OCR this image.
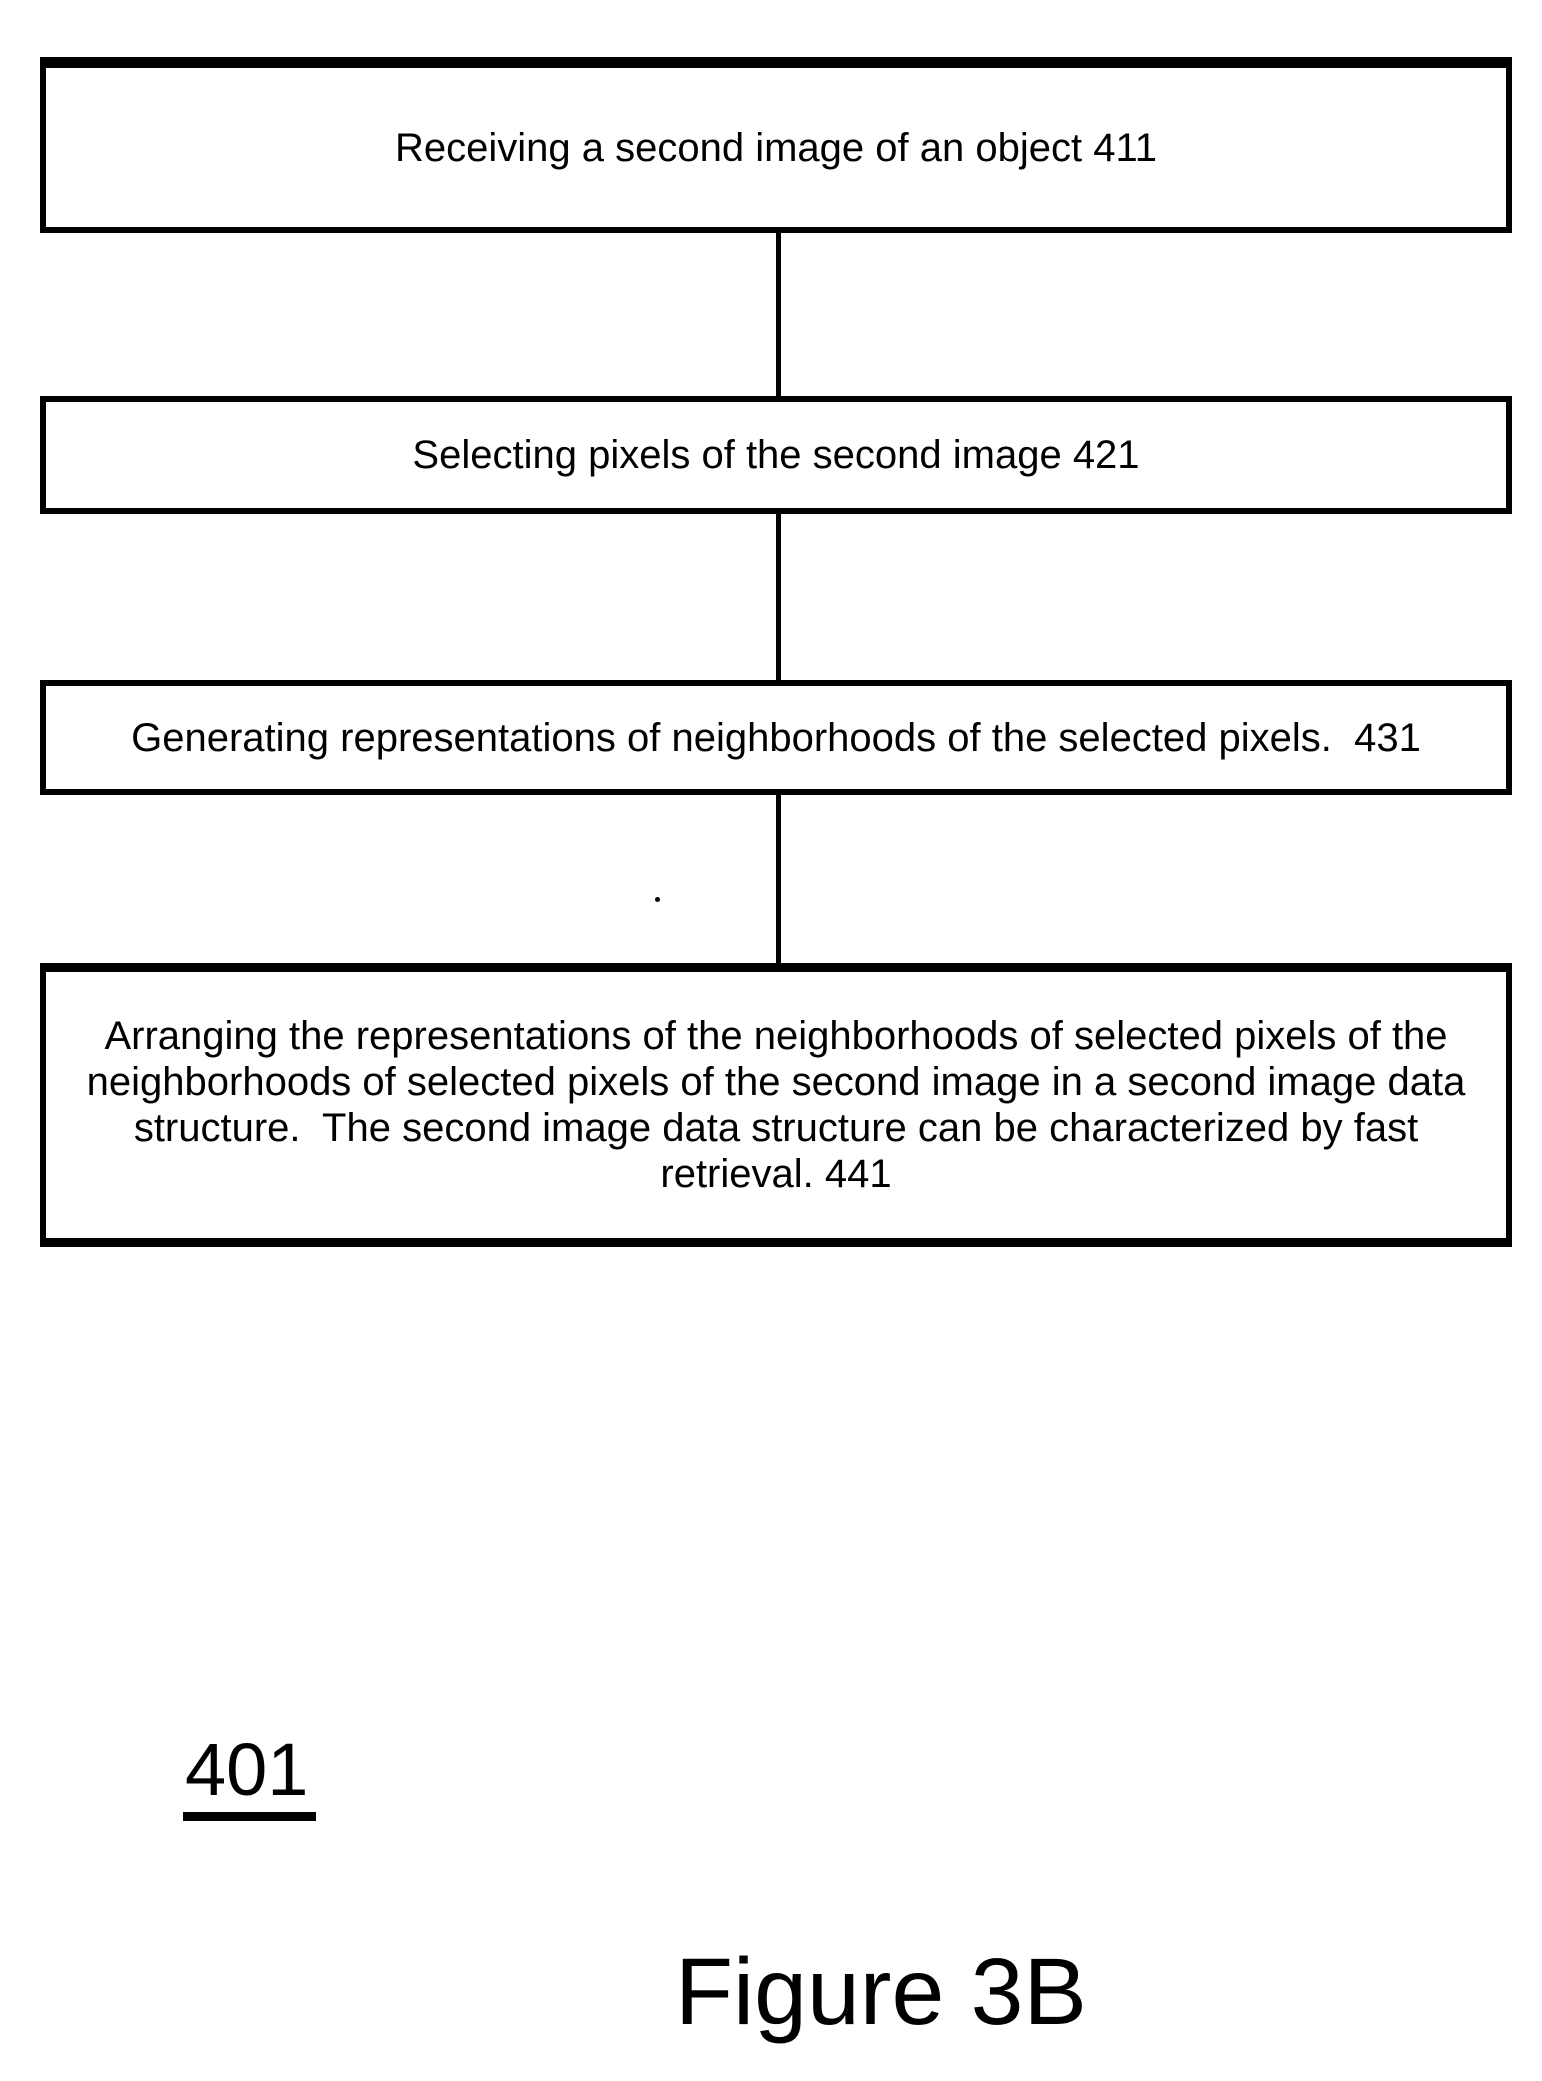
Receiving a second image of an object 411
Selecting pixels of the second image 421
Generating representations of neighborhoods of the selected pixels.  431
Arranging the representations of the neighborhoods of selected pixels of the neighborhoods of selected pixels of the second image in a second image data structure.  The second image data structure can be characterized by fast retrieval. 441
401
Figure 3B
